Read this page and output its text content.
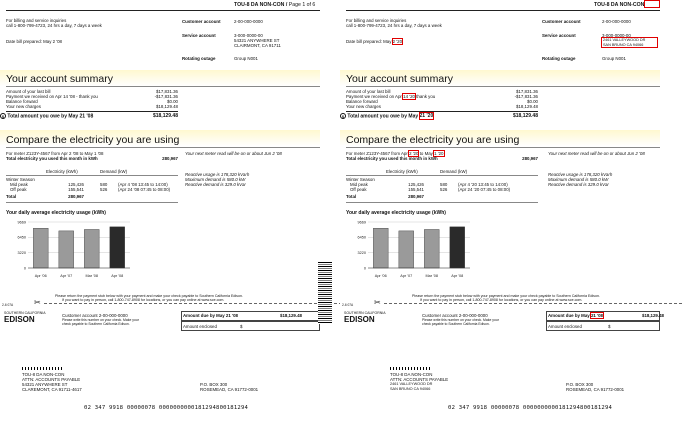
TOU-8 DA NON-CON / Page 1 of 6
For billing and service inquiries
call 1-800-799-4723, 24 hrs a day, 7 days a week
Date bill prepared: May 2 '08
Customer account	2-00-000-0000
Service account	3-000-0000-00
54321 ANYWHERE ST
CLAIRMONT, CA 91711
Rotating outage	Group N001
Your account summary
Amount of your last bill	$17,831.36
Payment we received on Apr 14 '08 - thank you	-$17,831.36
Balance forward	$0.00
Your new charges	$18,129.48
$ Total amount you owe by May 21 '08	$18,129.48
Compare the electricity you are using
For meter Z123Y-4567 from Apr 2 '08 to May 1 '08
Total electricity you used this month in kWh	280,967
Your next meter read will be on or about Jun 2 '08
Electricity (kWh)	Demand (kW)
Winter Season
Mid peak	125,426	580 (Apr 4 '08 13:45 to 14:00)
Off peak	155,541	526 (Apr 24 '08 07:45 to 08:00)
Total	280,967
Reactive usage is 178,320 kVarh
Maximum demand is 580.0 kW
Reactive demand is 329.0 kVar
Your daily average electricity usage (kWh)
0
3220
6450
9669
Apr '06	Apr '07	Mar '08	Apr '08
Please return the payment stub below with your payment and make your check payable to Southern California Edison.
If you want to pay in person, call 1-800-747-8908 for locations, or you can pay online at www.sce.com.
2-6 07A	✂
SOUTHERN CALIFORNIA
EDISON	Customer account 2-00-000-0000
Please write this number on your check. Make your
check payable to Southern California Edison.
Amount due by May 21 '08	$18,129.48
Amount enclosed	$
TOU-8 DA NON-CON
ATTN: ACCOUNTS PAYABLE
54321 ANYWHERE ST
CLAREMONT, CA 91711-4617
P.O. BOX 300
ROSEMEAD, CA 91772-0001
02 347 9918 00000078 0000000000181294800181294
TOU-8 DA NON-CON
For billing and service inquiries
call 1-800-799-4723, 24 hrs a day, 7 days a week
Date bill prepared: May 2 '20
Customer account	2-00-000-0000
Service account	3-000-0000-00
2461 VALLEYWOOD DR
SAN BRUNO CA 94066
Rotating outage	Group N001
Your account summary
Amount of your last bill	$17,831.36
Payment we received on Apr 14 '20 thank you	-$17,831.36
Balance forward	$0.00
Your new charges	$18,129.48
$ Total amount you owe by May 21 '20	$18,129.48
Compare the electricity you are using
For meter Z123Y-4567 from Apr 2 '20 to May 1 '20
Total electricity you used this month in kWh	280,967
Your next meter read will be on or about Jun 2 '08
Electricity (kWh)	Demand (kW)
Winter Season
Mid peak	125,426	580 (Apr 4 '20 13:45 to 14:00)
Off peak	155,541	526 (Apr 24 '20 07:45 to 08:00)
Total	280,967
Reactive usage is 178,320 kVarh
Maximum demand is 580.0 kW
Reactive demand is 329.0 kVar
Your daily average electricity usage (kWh)
0
3220
6450
9669
Apr '06	Apr '07	Mar '08	Apr '08
Please return the payment stub below with your payment and make your check payable to Southern California Edison.
If you want to pay in person, call 1-800-747-8908 for locations, or you can pay online at www.sce.com.
2-6 07A	✂
SOUTHERN CALIFORNIA
EDISON	Customer account 2-00-000-0000
Please write this number on your check. Make your
check payable to Southern California Edison.
Amount due by May 21 '08	$18,129.48
Amount enclosed	$
TOU-8 DA NON-CON
ATTN: ACCOUNTS PAYABLE
2461 VALLEYWOOD DR
SAN BRUNO CA 94066
P.O. BOX 300
ROSEMEAD, CA 91772-0001
02 347 9918 00000078 0000000000181294800181294
